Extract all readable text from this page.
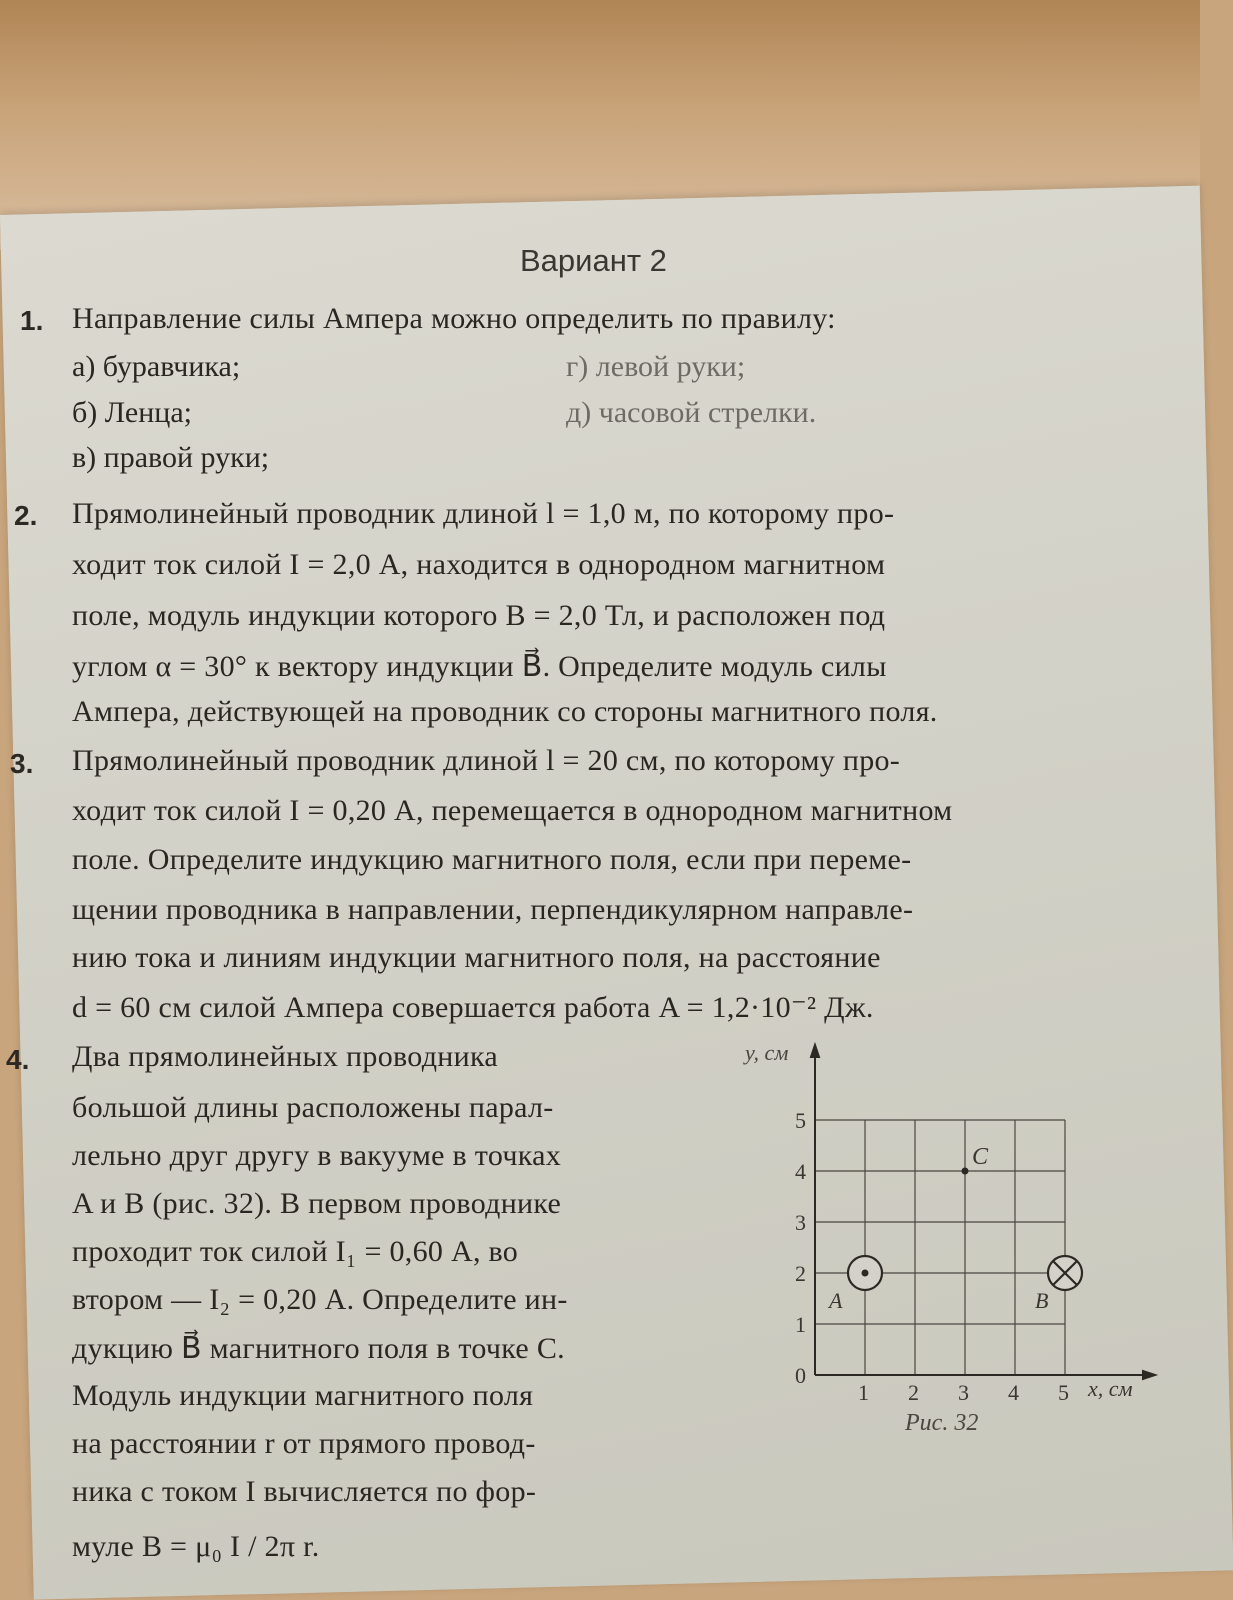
Вариант 2
1. Направление силы Ампера можно определить по правилу:
а) буравчика;
б) Ленца;
в) правой руки;
г) левой руки;
д) часовой стрелки.
2. Прямолинейный проводник длиной l = 1,0 м, по которому про-
ходит ток силой I = 2,0 А, находится в однородном магнитном
поле, модуль индукции которого B = 2,0 Тл, и расположен под
углом α = 30° к вектору индукции B⃗. Определите модуль силы
Ампера, действующей на проводник со стороны магнитного поля.
3. Прямолинейный проводник длиной l = 20 см, по которому про-
ходит ток силой I = 0,20 А, перемещается в однородном магнитном
поле. Определите индукцию магнитного поля, если при переме-
щении проводника в направлении, перпендикулярном направле-
нию тока и линиям индукции магнитного поля, на расстояние
d = 60 см силой Ампера совершается работа A = 1,2·10⁻² Дж.
4. Два прямолинейных проводника
большой длины расположены парал-
лельно друг другу в вакууме в точках
A и B (рис. 32). В первом проводнике
проходит ток силой I₁ = 0,60 А, во
втором — I₂ = 0,20 А. Определите ин-
дукцию B⃗ магнитного поля в точке C.
Модуль индукции магнитного поля
на расстоянии r от прямого провод-
ника с током I вычисляется по фор-
муле B = μ₀ I / 2π r.
y, см
x, см
1 2 3 4 5
0
1
2
3
4
5
A	B
C
Рис. 32
